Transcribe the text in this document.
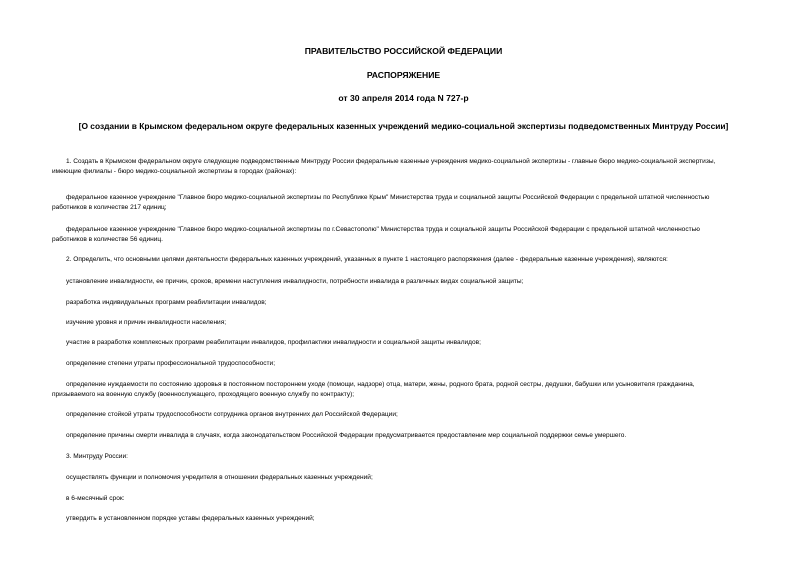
ПРАВИТЕЛЬСТВО РОССИЙСКОЙ ФЕДЕРАЦИИ

РАСПОРЯЖЕНИЕ

от 30 апреля 2014 года N 727-р

[О создании в Крымском федеральном округе федеральных казенных учреждений медико-социальной экспертизы подведомственных Минтруду России]

1. Создать в Крымском федеральном округе следующие подведомственные Минтруду России федеральные казенные учреждения медико-социальной экспертизы - главные бюро медико-социальной экспертизы,
имеющие филиалы - бюро медико-социальной экспертизы в городах (районах):

федеральное казенное учреждение "Главное бюро медико-социальной экспертизы по Республике Крым" Министерства труда и социальной защиты Российской Федерации с предельной штатной численностью
работников в количестве 217 единиц;

федеральное казенное учреждение "Главное бюро медико-социальной экспертизы по г.Севастополю" Министерства труда и социальной защиты Российской Федерации с предельной штатной численностью
работников в количестве 56 единиц.

2. Определить, что основными целями деятельности федеральных казенных учреждений, указанных в пункте 1 настоящего распоряжения (далее - федеральные казенные учреждения), являются:

установление инвалидности, ее причин, сроков, времени наступления инвалидности, потребности инвалида в различных видах социальной защиты;

разработка индивидуальных программ реабилитации инвалидов;

изучение уровня и причин инвалидности населения;

участие в разработке комплексных программ реабилитации инвалидов, профилактики инвалидности и социальной защиты инвалидов;

определение степени утраты профессиональной трудоспособности;

определение нуждаемости по состоянию здоровья в постоянном постороннем уходе (помощи, надзоре) отца, матери, жены, родного брата, родной сестры, дедушки, бабушки или усыновителя гражданина,
призываемого на военную службу (военнослужащего, проходящего военную службу по контракту);

определение стойкой утраты трудоспособности сотрудника органов внутренних дел Российской Федерации;

определение причины смерти инвалида в случаях, когда законодательством Российской Федерации предусматривается предоставление мер социальной поддержки семье умершего.

3. Минтруду России:

осуществлять функции и полномочия учредителя в отношении федеральных казенных учреждений;

в 6-месячный срок:

утвердить в установленном порядке уставы федеральных казенных учреждений;
